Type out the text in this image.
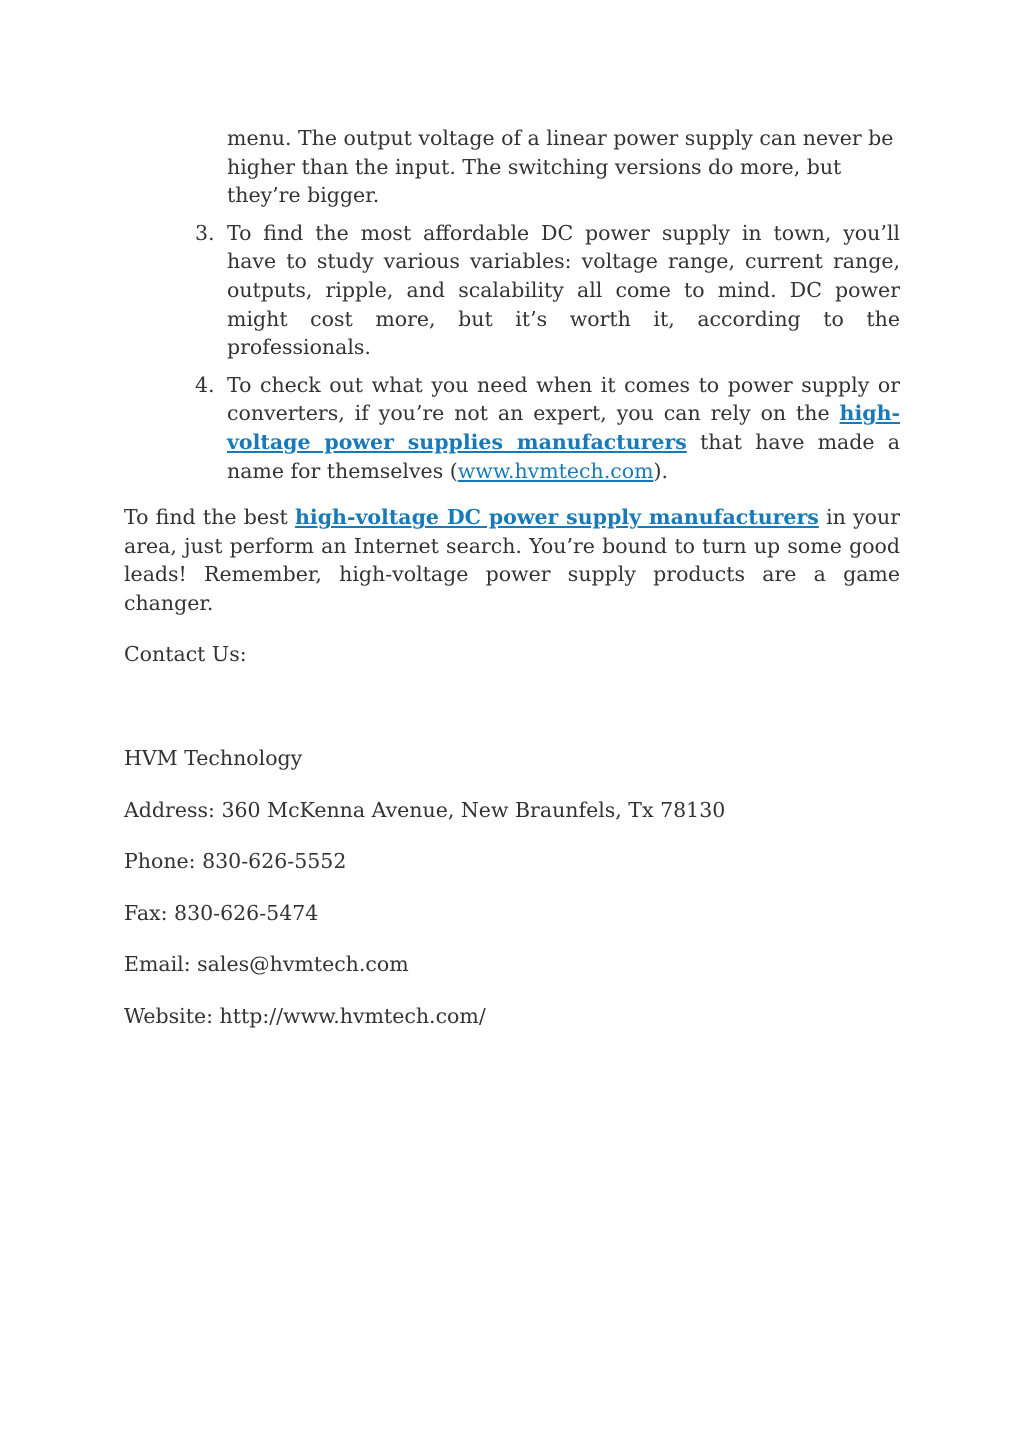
menu. The output voltage of a linear power supply can never be higher than the input. The switching versions do more, but they’re bigger.
3. To find the most affordable DC power supply in town, you’ll have to study various variables: voltage range, current range, outputs, ripple, and scalability all come to mind. DC power might cost more, but it’s worth it, according to the professionals.
4. To check out what you need when it comes to power supply or converters, if you’re not an expert, you can rely on the high-voltage power supplies manufacturers that have made a name for themselves (www.hvmtech.com).

To find the best high-voltage DC power supply manufacturers in your area, just perform an Internet search. You’re bound to turn up some good leads! Remember, high-voltage power supply products are a game changer.

Contact Us:

HVM Technology

Address: 360 McKenna Avenue, New Braunfels, Tx 78130

Phone: 830-626-5552

Fax: 830-626-5474

Email: sales@hvmtech.com

Website: http://www.hvmtech.com/
